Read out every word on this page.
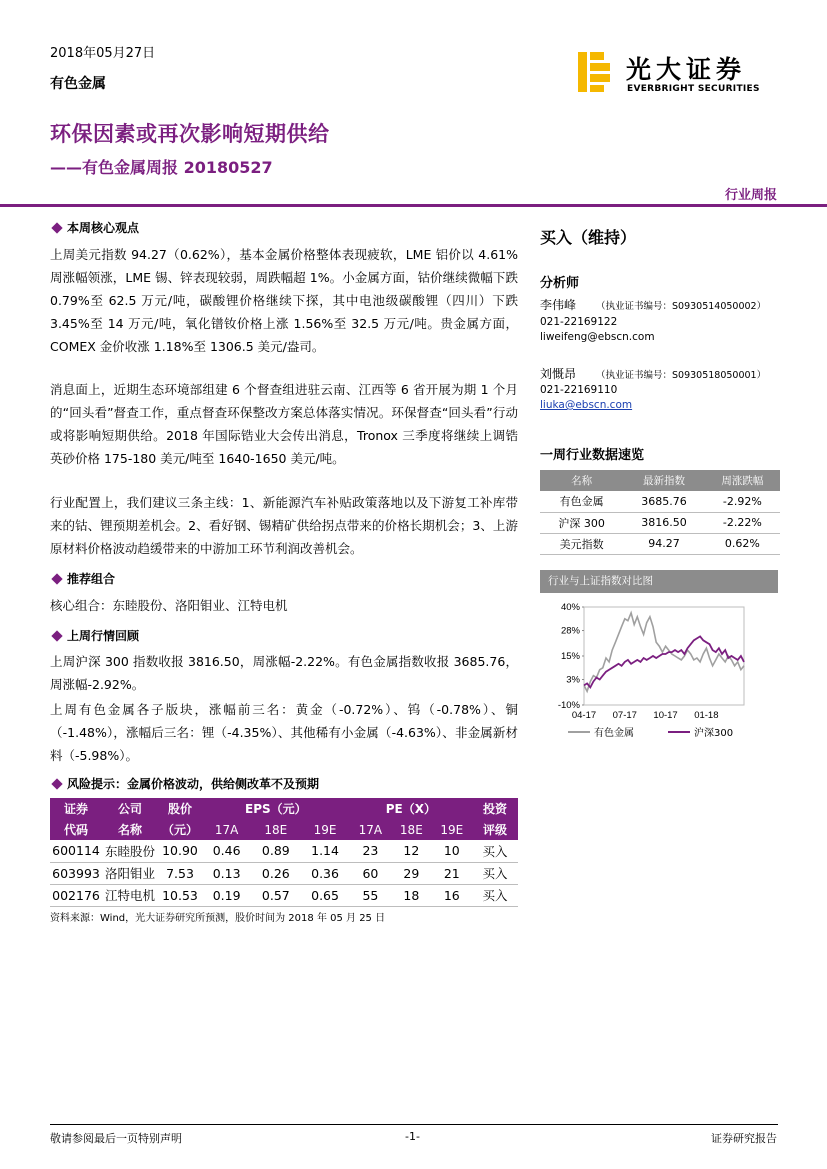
2018年05月27日
有色金属
环保因素或再次影响短期供给
——有色金属周报 20180527
光大证券
EVERBRIGHT SECURITIES
行业周报
本周核心观点
上周美元指数 94.27（0.62%），基本金属价格整体表现疲软，LME 铝价以 4.61%周涨幅领涨，LME 锡、锌表现较弱，周跌幅超 1%。小金属方面，钴价继续微幅下跌 0.79%至 62.5 万元/吨，碳酸锂价格继续下探，其中电池级碳酸锂（四川）下跌 3.45%至 14 万元/吨，氧化镨钕价格上涨 1.56%至 32.5 万元/吨。贵金属方面， COMEX 金价收涨 1.18%至 1306.5 美元/盎司。
消息面上，近期生态环境部组建 6 个督查组进驻云南、江西等 6 省开展为期 1 个月的“回头看”督查工作，重点督查环保整改方案总体落实情况。环保督查“回头看”行动或将影响短期供给。2018 年国际锆业大会传出消息，Tronox 三季度将继续上调锆英砂价格 175-180 美元/吨至 1640-1650 美元/吨。
行业配置上，我们建议三条主线：1、新能源汽车补贴政策落地以及下游复工补库带来的钴、锂预期差机会。2、看好钢、锡精矿供给拐点带来的价格长期机会；3、上游原材料价格波动趋缓带来的中游加工环节利润改善机会。
推荐组合
核心组合：东睦股份、洛阳钼业、江特电机
上周行情回顾
上周沪深 300 指数收报 3816.50，周涨幅-2.22%。有色金属指数收报 3685.76，周涨幅-2.92%。
上周有色金属各子版块，涨幅前三名：黄金（-0.72%）、钨（-0.78%）、铜（-1.48%），涨幅后三名：锂（-4.35%）、其他稀有小金属（-4.63%）、非金属新材料（-5.98%）。
风险提示：金属价格波动，供给侧改革不及预期
证券	公司	股价	EPS（元）			PE（X）			投资
代码	名称	（元）	17A	18E	19E	17A	18E	19E	评级
600114	东睦股份	10.90	0.46	0.89	1.14	23	12	10	买入
603993	洛阳钼业	7.53	0.13	0.26	0.36	60	29	21	买入
002176	江特电机	10.53	0.19	0.57	0.65	55	18	16	买入
资料来源：Wind，光大证券研究所预测，股价时间为 2018 年 05 月 25 日
买入（维持）
分析师
李伟峰 （执业证书编号：S0930514050002）
021-22169122
liweifeng@ebscn.com
刘慨昂 （执业证书编号：S0930518050001）
021-22169110
liuka@ebscn.com
一周行业数据速览
名称	最新指数	周涨跌幅
有色金属	3685.76	-2.92%
沪深 300	3816.50	-2.22%
美元指数	94.27	0.62%
行业与上证指数对比图
40%
28%
15%
3%
-10%
04-17 07-17 10-17 01-18
有色金属	沪深300
敬请参阅最后一页特别声明	-1-	证券研究报告
